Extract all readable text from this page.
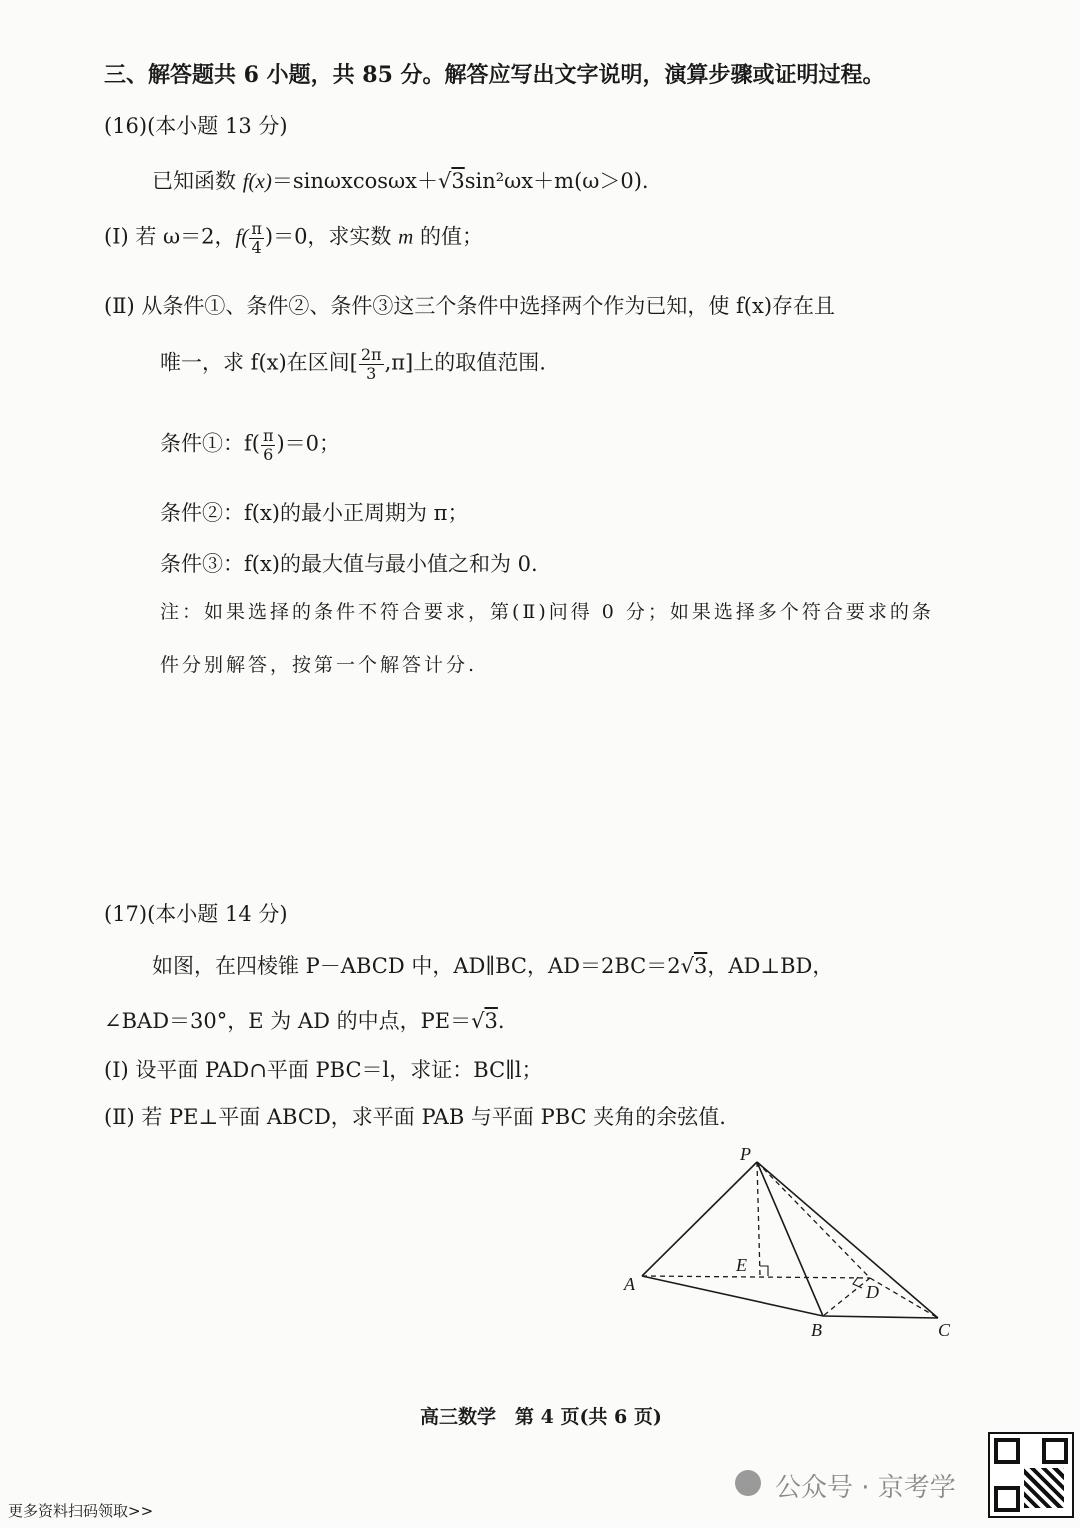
三、解答题共 6 小题，共 85 分。解答应写出文字说明，演算步骤或证明过程。
(16)(本小题 13 分)
已知函数 f(x)＝sinωxcosωx＋√3sin²ωx＋m(ω＞0).
(Ⅰ) 若 ω＝2，$f( \frac{\pi}{4} )=0$，求实数 m 的值；
(Ⅱ) 从条件①、条件②、条件③这三个条件中选择两个作为已知，使 f(x)存在且
唯一，求 f(x)在区间[ $\frac{2\pi}{3} ,\pi$]上的取值范围.
条件①：$f( \frac{\pi}{6} )=0$；
条件②：f(x)的最小正周期为 π；
条件③：f(x)的最大值与最小值之和为 0.
注：如果选择的条件不符合要求，第(Ⅱ)问得 0 分；如果选择多个符合要求的条
件分别解答，按第一个解答计分.
(17)(本小题 14 分)
如图，在四棱锥 P－ABCD 中，AD∥BC，AD＝2BC＝2√3，AD⊥BD，
∠BAD＝30°，E 为 AD 的中点，PE＝√3.
(Ⅰ) 设平面 PAD∩平面 PBC＝l，求证：BC∥l；
(Ⅱ) 若 PE⊥平面 ABCD，求平面 PAB 与平面 PBC 夹角的余弦值.
P
A
B	C
D
E
高三数学　第 4 页(共 6 页)
公众号 · 京考学
更多资料扫码领取>>
